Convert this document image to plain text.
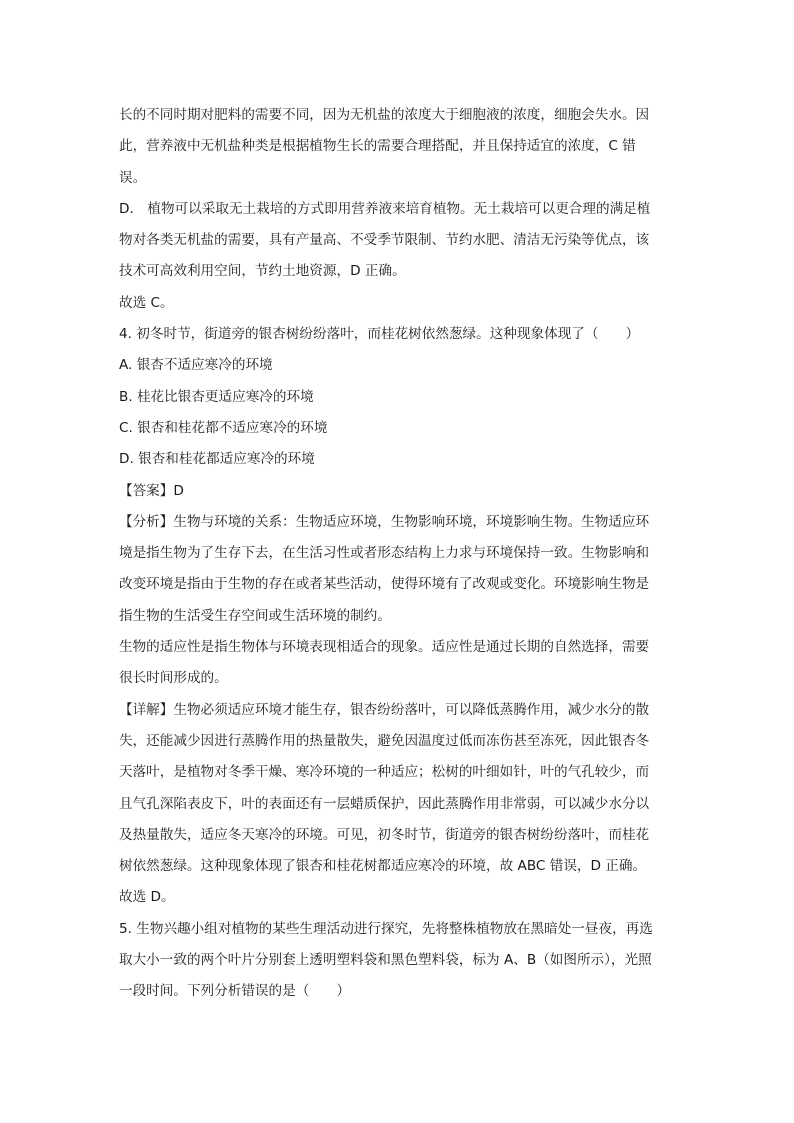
长的不同时期对肥料的需要不同，因为无机盐的浓度大于细胞液的浓度，细胞会失水。因
此，营养液中无机盐种类是根据植物生长的需要合理搭配，并且保持适宜的浓度，C 错
误。
D． 植物可以采取无土栽培的方式即用营养液来培育植物。无土栽培可以更合理的满足植
物对各类无机盐的需要，具有产量高、不受季节限制、节约水肥、清洁无污染等优点，该
技术可高效利用空间，节约土地资源，D 正确。
故选 C。
4. 初冬时节，街道旁的银杏树纷纷落叶，而桂花树依然葱绿。这种现象体现了（　　）
A. 银杏不适应寒冷的环境
B. 桂花比银杏更适应寒冷的环境
C. 银杏和桂花都不适应寒冷的环境
D. 银杏和桂花都适应寒冷的环境
【答案】D
【分析】生物与环境的关系：生物适应环境，生物影响环境，环境影响生物。生物适应环
境是指生物为了生存下去，在生活习性或者形态结构上力求与环境保持一致。生物影响和
改变环境是指由于生物的存在或者某些活动，使得环境有了改观或变化。环境影响生物是
指生物的生活受生存空间或生活环境的制约。
生物的适应性是指生物体与环境表现相适合的现象。适应性是通过长期的自然选择，需要
很长时间形成的。
【详解】生物必须适应环境才能生存，银杏纷纷落叶，可以降低蒸腾作用，减少水分的散
失，还能减少因进行蒸腾作用的热量散失，避免因温度过低而冻伤甚至冻死，因此银杏冬
天落叶，是植物对冬季干燥、寒冷环境的一种适应；松树的叶细如针，叶的气孔较少，而
且气孔深陷表皮下，叶的表面还有一层蜡质保护，因此蒸腾作用非常弱，可以减少水分以
及热量散失，适应冬天寒冷的环境。可见，初冬时节，街道旁的银杏树纷纷落叶，而桂花
树依然葱绿。这种现象体现了银杏和桂花树都适应寒冷的环境，故 ABC 错误，D 正确。
故选 D。
5. 生物兴趣小组对植物的某些生理活动进行探究，先将整株植物放在黑暗处一昼夜，再选
取大小一致的两个叶片分别套上透明塑料袋和黑色塑料袋，标为 A、B（如图所示），光照
一段时间。下列分析错误的是（　　）
